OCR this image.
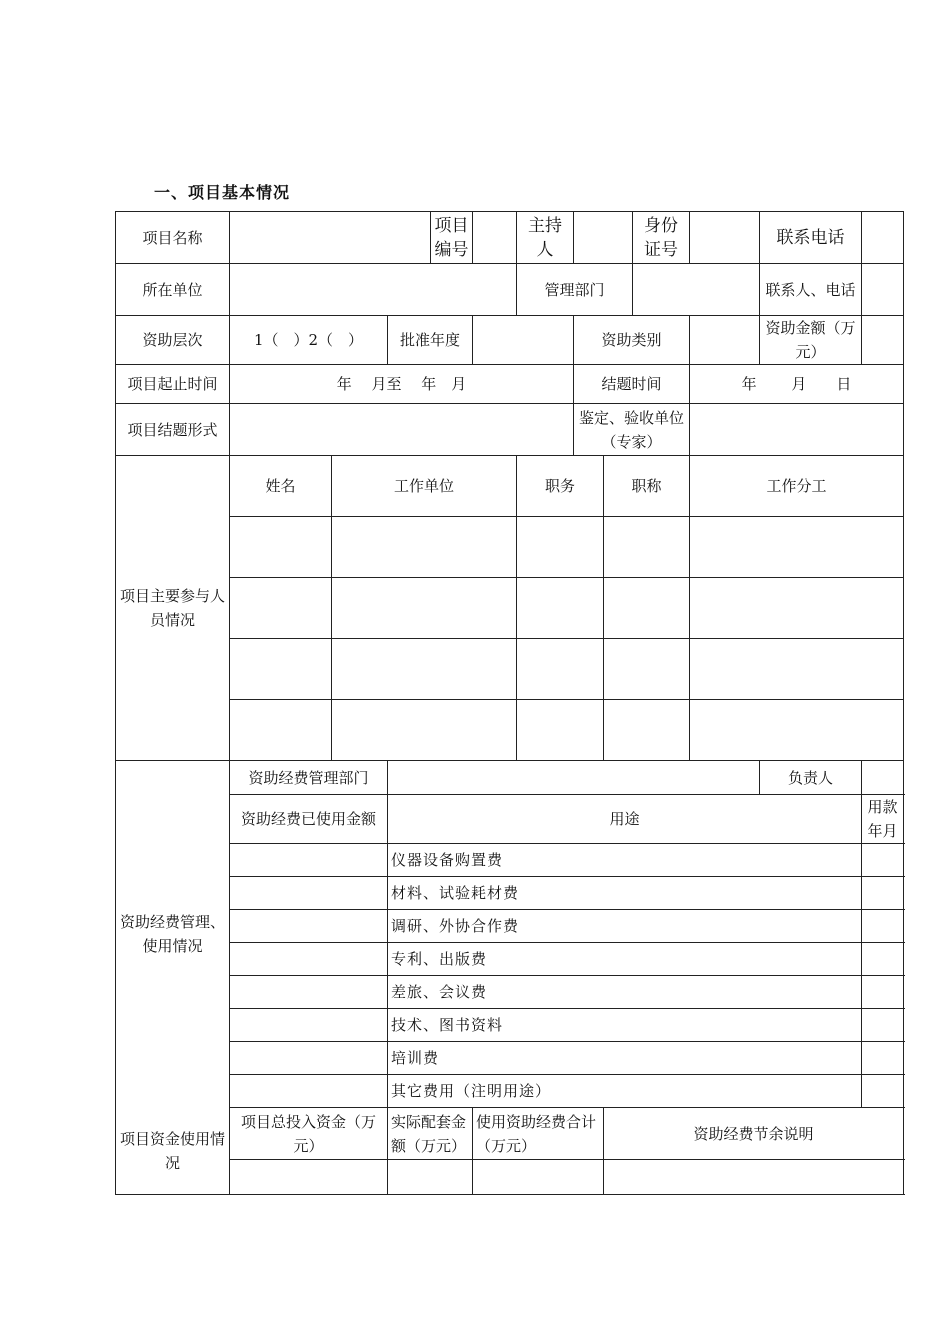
一、项目基本情况
项目名称				项目编号		主持人			身份证号		联系电话	
所在单位						管理部门					联系人、电话	
资助层次	1（　）2（　）		批准年度				资助类别				资助金额（万元）	
项目起止时间	年　 月至　 年　月						结题时间			年　　 月　　日		
项目结题形式							鉴定、验收单位（专家）					
项目主要参与人员情况	姓名	工作单位				职务		职称		工作分工		

资助经费管理、使用情况	资助经费管理部门										负责人	
	资助经费已使用金额		用途									用款年月
			仪器设备购置费									
			材料、试验耗材费									
			调研、外协合作费									
			专利、出版费									
			差旅、会议费									
			技术、图书资料									
			培训费									
			其它费用（注明用途）									
项目资金使用情况	项目总投入资金（万元）		实际配套金额（万元）		使用资助经费合计（万元）			资助经费节余说明				
